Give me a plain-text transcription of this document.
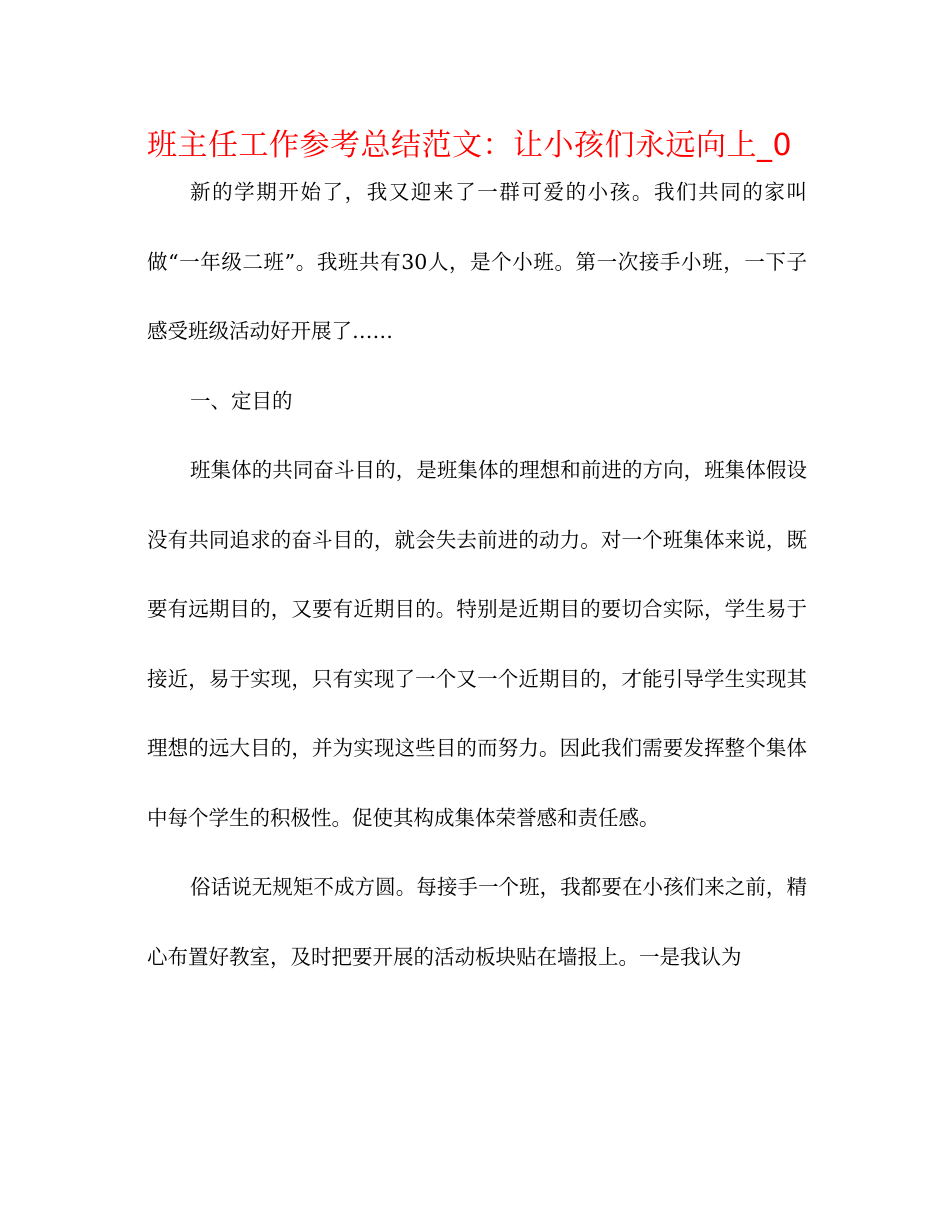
班主任工作参考总结范文：让小孩们永远向上_0

新的学期开始了，我又迎来了一群可爱的小孩。我们共同的家叫做“一年级二班”。我班共有30人，是个小班。第一次接手小班，一下子感受班级活动好开展了……

一、定目的

班集体的共同奋斗目的，是班集体的理想和前进的方向，班集体假设没有共同追求的奋斗目的，就会失去前进的动力。对一个班集体来说，既要有远期目的，又要有近期目的。特别是近期目的要切合实际，学生易于接近，易于实现，只有实现了一个又一个近期目的，才能引导学生实现其理想的远大目的，并为实现这些目的而努力。因此我们需要发挥整个集体中每个学生的积极性。促使其构成集体荣誉感和责任感。

俗话说无规矩不成方圆。每接手一个班，我都要在小孩们来之前，精心布置好教室，及时把要开展的活动板块贴在墙报上。一是我认为
